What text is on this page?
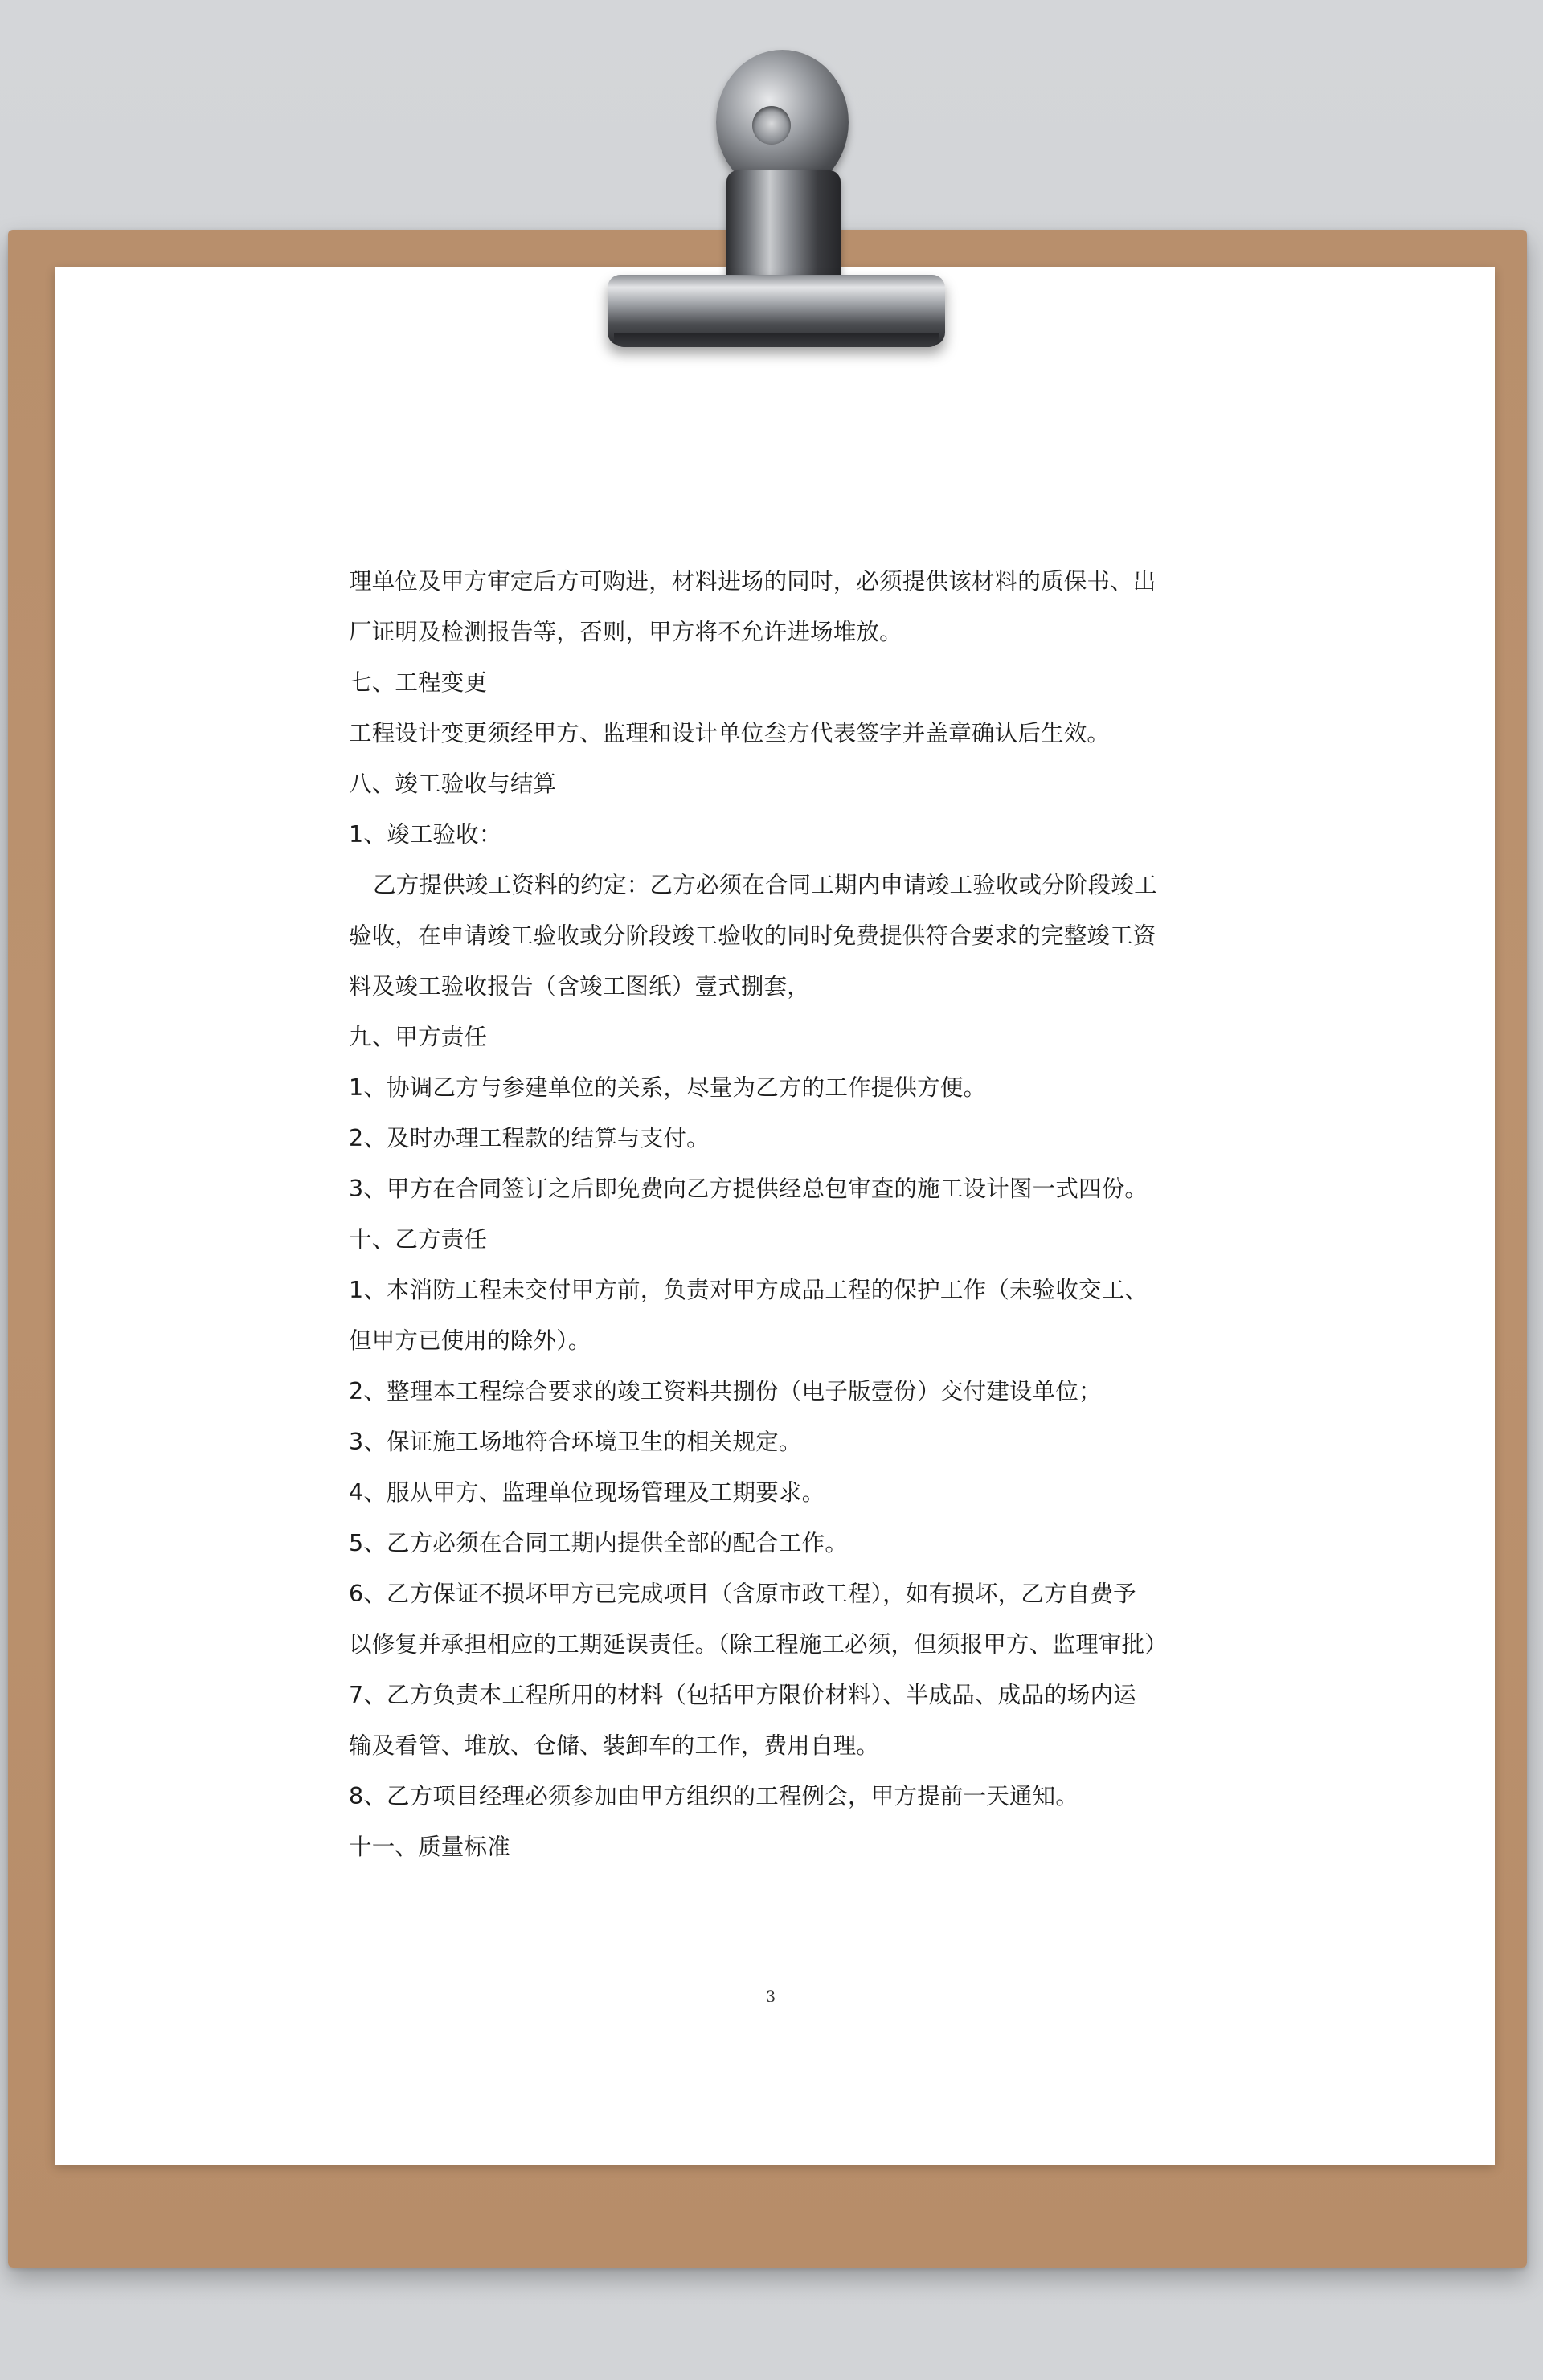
理单位及甲方审定后方可购进，材料进场的同时，必须提供该材料的质保书、出
厂证明及检测报告等，否则，甲方将不允许进场堆放。
七、工程变更
工程设计变更须经甲方、监理和设计单位叁方代表签字并盖章确认后生效。
八、竣工验收与结算
1、竣工验收：
乙方提供竣工资料的约定：乙方必须在合同工期内申请竣工验收或分阶段竣工
验收，在申请竣工验收或分阶段竣工验收的同时免费提供符合要求的完整竣工资
料及竣工验收报告（含竣工图纸）壹式捌套，
九、甲方责任
1、协调乙方与参建单位的关系，尽量为乙方的工作提供方便。
2、及时办理工程款的结算与支付。
3、甲方在合同签订之后即免费向乙方提供经总包审查的施工设计图一式四份。
十、乙方责任
1、本消防工程未交付甲方前，负责对甲方成品工程的保护工作（未验收交工、
但甲方已使用的除外）。
2、整理本工程综合要求的竣工资料共捌份（电子版壹份）交付建设单位；
3、保证施工场地符合环境卫生的相关规定。
4、服从甲方、监理单位现场管理及工期要求。
5、乙方必须在合同工期内提供全部的配合工作。
6、乙方保证不损坏甲方已完成项目（含原市政工程），如有损坏，乙方自费予
以修复并承担相应的工期延误责任。（除工程施工必须，但须报甲方、监理审批）
7、乙方负责本工程所用的材料（包括甲方限价材料）、半成品、成品的场内运
输及看管、堆放、仓储、装卸车的工作，费用自理。
8、乙方项目经理必须参加由甲方组织的工程例会，甲方提前一天通知。
十一、质量标准
3
